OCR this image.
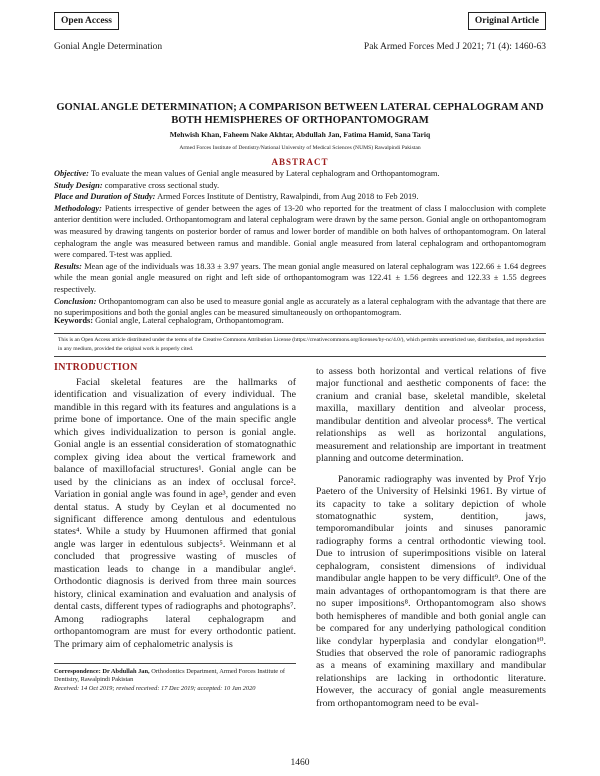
Open Access	Original Article
Gonial Angle Determination	Pak Armed Forces Med J 2021; 71 (4): 1460-63
GONIAL ANGLE DETERMINATION; A COMPARISON BETWEEN LATERAL CEPHALOGRAM AND BOTH HEMISPHERES OF ORTHOPANTOMOGRAM
Mehwish Khan, Faheem Nake Akhtar, Abdullah Jan, Fatima Hamid, Sana Tariq
Armed Forces Institute of Dentistry/National University of Medical Sciences (NUMS) Rawalpindi Pakistan
ABSTRACT

Objective: To evaluate the mean values of Genial angle measured by Lateral cephalogram and Orthopantomogram.

Study Design: comparative cross sectional study.

Place and Duration of Study: Armed Forces Institute of Dentistry, Rawalpindi, from Aug 2018 to Feb 2019.

Methodology: Patients irrespective of gender between the ages of 13-20 who reported for the treatment of class I malocclusion with complete anterior dentition were included. Orthopantomogram and lateral cephalogram were drawn by the same person. Gonial angle on orthopantomogram was measured by drawing tangents on posterior border of ramus and lower border of mandible on both halves of orthopantomogram. On lateral cephalogram the angle was measured between ramus and mandible. Gonial angle measured from lateral cephalogram and orthopantomogram were compared. T-test was applied.

Results: Mean age of the individuals was 18.33 ± 3.97 years. The mean gonial angle measured on lateral cephalogram was 122.66 ± 1.64 degrees while the mean gonial angle measured on right and left side of orthopantomogram was 122.41 ± 1.56 degrees and 122.33 ± 1.55 degrees respectively.

Conclusion: Orthopantomogram can also be used to measure gonial angle as accurately as a lateral cephalogram with the advantage that there are no superimpositions and both the gonial angles can be measured simultaneously on orthopantomogram.

Keywords: Gonial angle, Lateral cephalogram, Orthopantomogram.
This is an Open Access article distributed under the terms of the Creative Commons Attribution License (https://creativecommons.org/licenses/by-nc/4.0/), which permits unrestricted use, distribution, and reproduction in any medium, provided the original work is properly cited.
INTRODUCTION

Facial skeletal features are the hallmarks of identification and visualization of every individual. The mandible in this regard with its features and angulations is a prime bone of importance. One of the main specific angle which gives individualization to person is gonial angle. Gonial angle is an essential consideration of stomatognathic complex giving idea about the vertical framework and balance of maxillofacial structures¹. Gonial angle can be used by the clinicians as an index of occlusal force². Variation in gonial angle was found in age³, gender and even dental status. A study by Ceylan et al documented no significant difference among dentulous and edentulous states⁴. While a study by Huumonen affirmed that gonial angle was larger in edentulous subjects⁵. Weinmann et al concluded that progressive wasting of muscles of mastication leads to change in a mandibular angle⁶. Orthodontic diagnosis is derived from three main sources history, clinical examination and evaluation and analysis of dental casts, different types of radiographs and photographs⁷. Among radiographs lateral cephalograpm and orthopantomogram are must for every orthodontic patient. The primary aim of cephalometric analysis is

to assess both horizontal and vertical relations of five major functional and aesthetic components of face: the cranium and cranial base, skeletal mandible, skeletal maxilla, maxillary dentition and alveolar process, mandibular dentition and alveolar process⁸. The vertical relationships as well as horizontal angulations, measurement and relationship are important in treatment planning and outcome determination.

Panoramic radiography was invented by Prof Yrjo Paetero of the University of Helsinki 1961. By virtue of its capacity to take a solitary depiction of whole stomatognathic system, dentition, jaws, temporomandibular joints and sinuses panoramic radiography forms a central orthodontic viewing tool. Due to intrusion of superimpositions visible on lateral cephalogram, consistent dimensions of individual mandibular angle happen to be very difficult⁹. One of the main advantages of orthopantomogram is that there are no super impositions⁸. Orthopantomogram also shows both hemispheres of mandible and both gonial angle can be compared for any underlying pathological condition like condylar hyperplasia and condylar elongation¹⁰. Studies that observed the role of panoramic radiographs as a means of examining maxillary and mandibular relationships are lacking in orthodontic literature. However, the accuracy of gonial angle measurements from orthopantomogram need to be eval-

Correspondence: Dr Abdullah Jan, Orthodontics Department, Armed Forces Institute of Dentistry, Rawalpindi Pakistan
Received: 14 Oct 2019; revised received: 17 Dec 2019; accepted: 10 Jan 2020
1460
